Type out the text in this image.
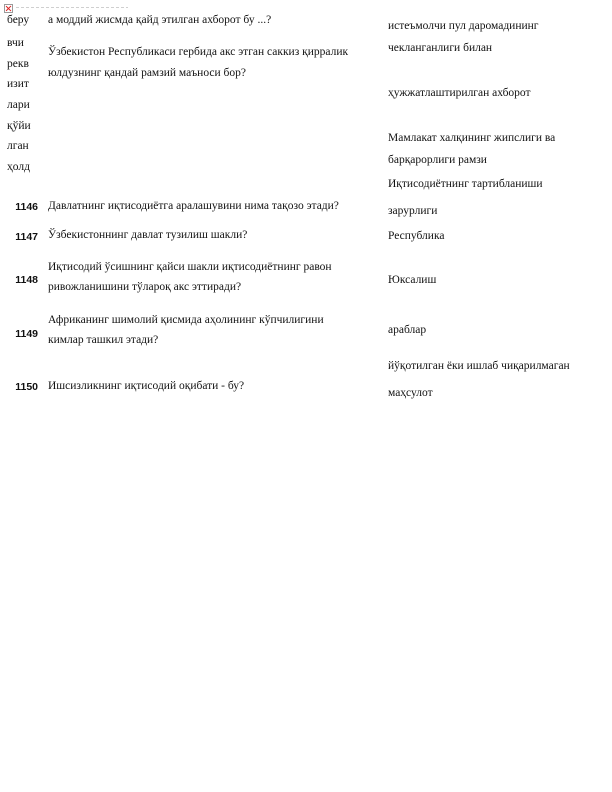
беру
вчи
рекв
изит
лари
қўйи
лган
ҳолд
а моддий жисмда қайд этилган ахборот бу ...?
Ўзбекистон Республикаси гербида акс этган саккиз қирралик
юлдузнинг қандай рамзий маъноси бор?
истеъмолчи пул даромадининг
чекланганлиги билан
ҳужжатлаштирилган ахборот
Мамлакат халқининг жипслиги ва
барқарорлиги рамзи
Иқтисодиётнинг тартибланиши
зарурлиги
1146 Давлатнинг иқтисодиётга аралашувини нима тақозо этади?
1147 Ўзбекистоннинг давлат тузилиш шакли?	Республика
1148
Иқтисодий ўсишнинг қайси шакли иқтисодиётнинг равон
ривожланишини тўлароқ акс эттиради?
Юксалиш
1149
Африканинг шимолий қисмида аҳолининг кўпчилигини
кимлар ташкил этади?
араблар
1150 Ишсизликнинг иқтисодий оқибати - бу?
йўқотилган ёки ишлаб чиқарилмаган
маҳсулот
